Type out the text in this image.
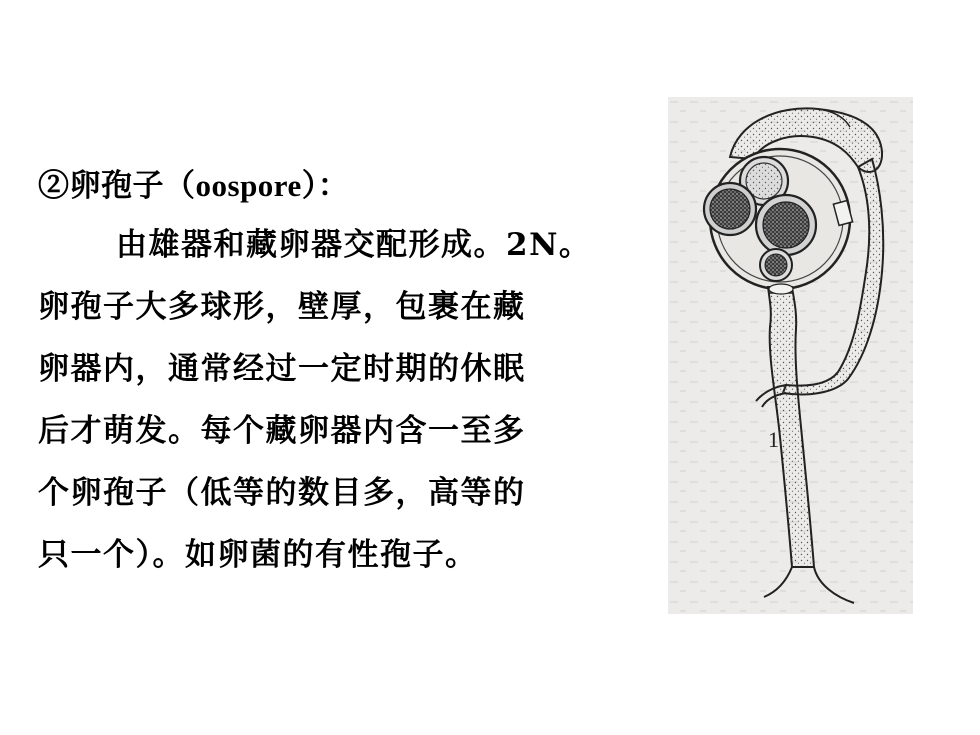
②卵孢子（oospore）：
由雄器和藏卵器交配形成。2N。
卵孢子大多球形，壁厚，包裹在藏
卵器内，通常经过一定时期的休眠
后才萌发。每个藏卵器内含一至多
个卵孢子（低等的数目多，高等的
只一个）。如卵菌的有性孢子。
1
